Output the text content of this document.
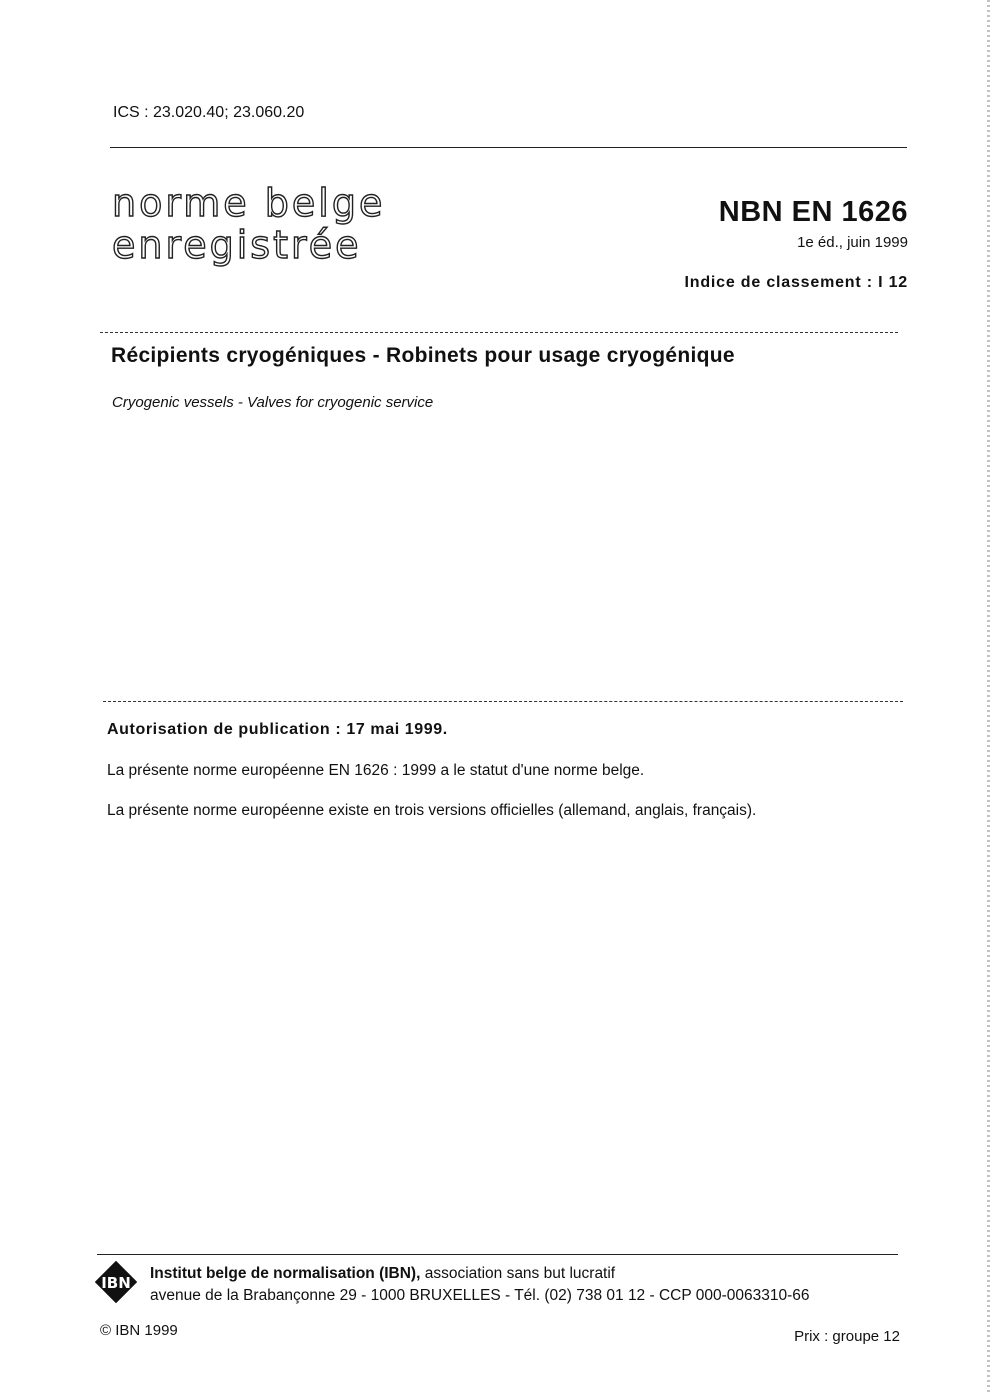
ICS : 23.020.40; 23.060.20
norme belge
enregistrée
NBN EN 1626
1e éd., juin 1999
Indice de classement : I 12
Récipients cryogéniques - Robinets pour usage cryogénique
Cryogenic vessels - Valves for cryogenic service
Autorisation de publication : 17 mai 1999.
La présente norme européenne EN 1626 : 1999 a le statut d'une norme belge.
La présente norme européenne existe en trois versions officielles (allemand, anglais, français).
IBN
Institut belge de normalisation (IBN), association sans but lucratif
avenue de la Brabançonne 29 - 1000 BRUXELLES - Tél. (02) 738 01 12 - CCP 000-0063310-66
© IBN 1999	Prix : groupe 12
